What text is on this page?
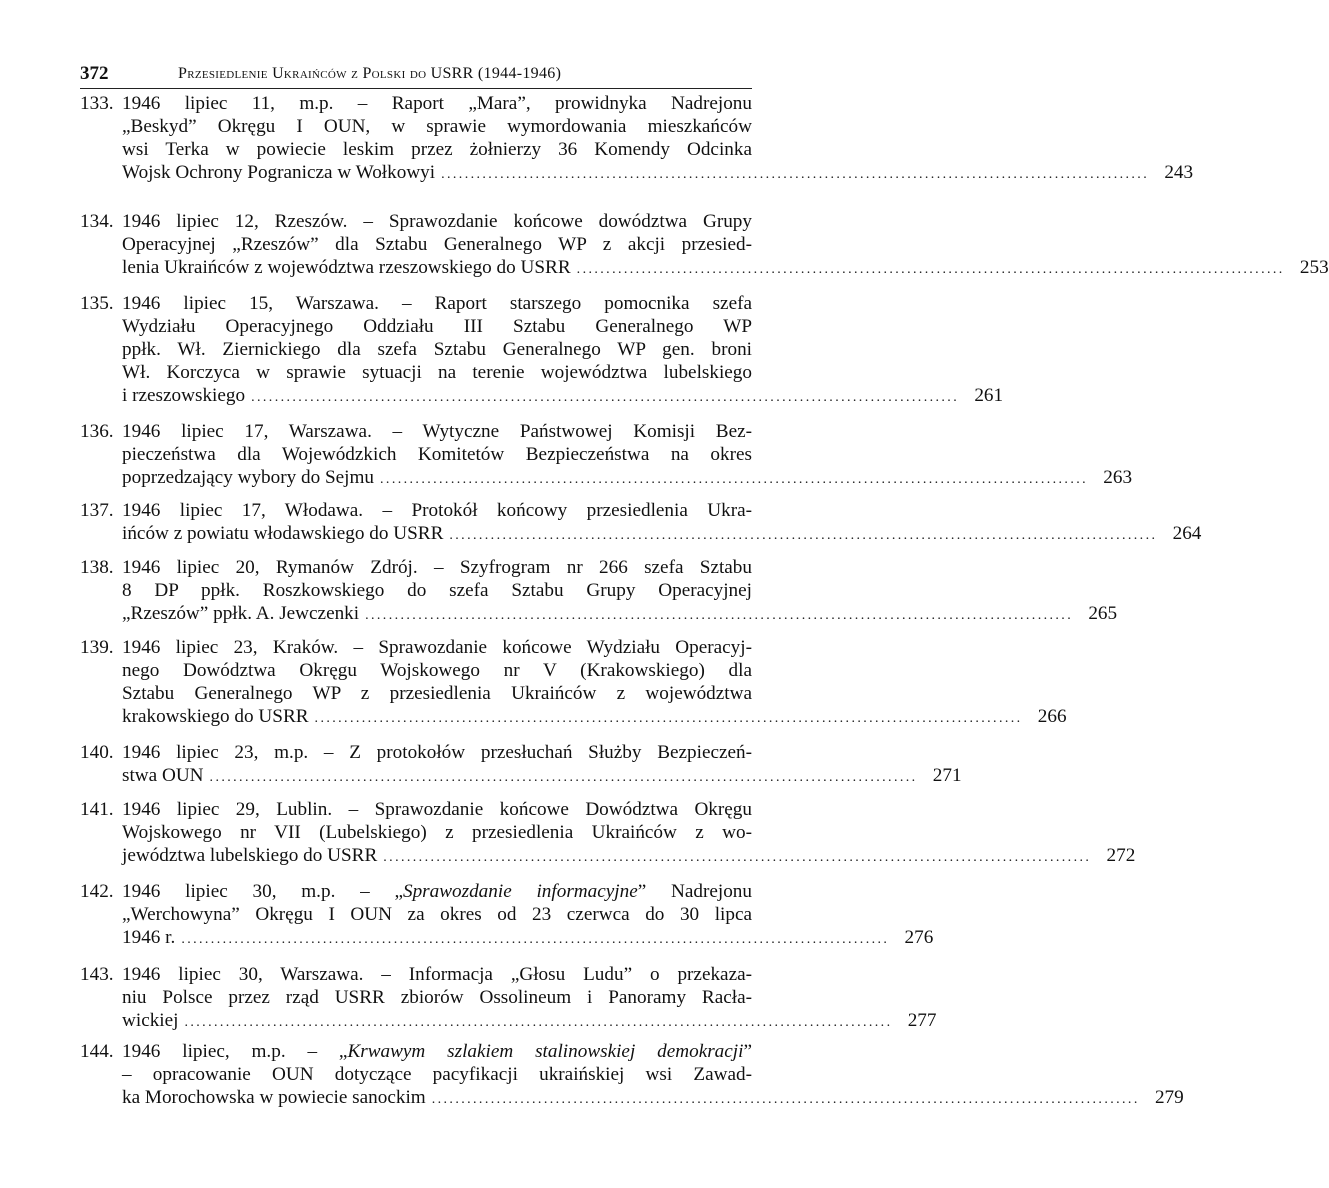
372	Przesiedlenie Ukraińców z Polski do USRR (1944-1946)
133. 1946 lipiec 11, m.p. – Raport „Mara”, prowidnyka Nadrejonu
„Beskyd” Okręgu I OUN, w sprawie wymordowania mieszkańców
wsi Terka w powiecie leskim przez żołnierzy 36 Komendy Odcinka
Wojsk Ochrony Pogranicza w Wołkowyi ........................................................................................................................ 243
134. 1946 lipiec 12, Rzeszów. – Sprawozdanie końcowe dowództwa Grupy
Operacyjnej „Rzeszów” dla Sztabu Generalnego WP z akcji przesied-
lenia Ukraińców z województwa rzeszowskiego do USRR ........................................................................................................................ 253
135. 1946 lipiec 15, Warszawa. – Raport starszego pomocnika szefa
Wydziału Operacyjnego Oddziału III Sztabu Generalnego WP
ppłk. Wł. Ziernickiego dla szefa Sztabu Generalnego WP gen. broni
Wł. Korczyca w sprawie sytuacji na terenie województwa lubelskiego
i rzeszowskiego ........................................................................................................................ 261
136. 1946 lipiec 17, Warszawa. – Wytyczne Państwowej Komisji Bez-
pieczeństwa dla Wojewódzkich Komitetów Bezpieczeństwa na okres
poprzedzający wybory do Sejmu ........................................................................................................................ 263
137. 1946 lipiec 17, Włodawa. – Protokół końcowy przesiedlenia Ukra-
ińców z powiatu włodawskiego do USRR ........................................................................................................................ 264
138. 1946 lipiec 20, Rymanów Zdrój. – Szyfrogram nr 266 szefa Sztabu
8 DP ppłk. Roszkowskiego do szefa Sztabu Grupy Operacyjnej
„Rzeszów” ppłk. A. Jewczenki ........................................................................................................................ 265
139. 1946 lipiec 23, Kraków. – Sprawozdanie końcowe Wydziału Operacyj-
nego Dowództwa Okręgu Wojskowego nr V (Krakowskiego) dla
Sztabu Generalnego WP z przesiedlenia Ukraińców z województwa
krakowskiego do USRR ........................................................................................................................ 266
140. 1946 lipiec 23, m.p. – Z protokołów przesłuchań Służby Bezpieczeń-
stwa OUN ........................................................................................................................ 271
141. 1946 lipiec 29, Lublin. – Sprawozdanie końcowe Dowództwa Okręgu
Wojskowego nr VII (Lubelskiego) z przesiedlenia Ukraińców z wo-
jewództwa lubelskiego do USRR ........................................................................................................................ 272
142. 1946 lipiec 30, m.p. – „Sprawozdanie informacyjne” Nadrejonu
„Werchowyna” Okręgu I OUN za okres od 23 czerwca do 30 lipca
1946 r. ........................................................................................................................ 276
143. 1946 lipiec 30, Warszawa. – Informacja „Głosu Ludu” o przekaza-
niu Polsce przez rząd USRR zbiorów Ossolineum i Panoramy Racła-
wickiej ........................................................................................................................ 277
144. 1946 lipiec, m.p. – „Krwawym szlakiem stalinowskiej demokracji”
– opracowanie OUN dotyczące pacyfikacji ukraińskiej wsi Zawad-
ka Morochowska w powiecie sanockim ........................................................................................................................ 279
